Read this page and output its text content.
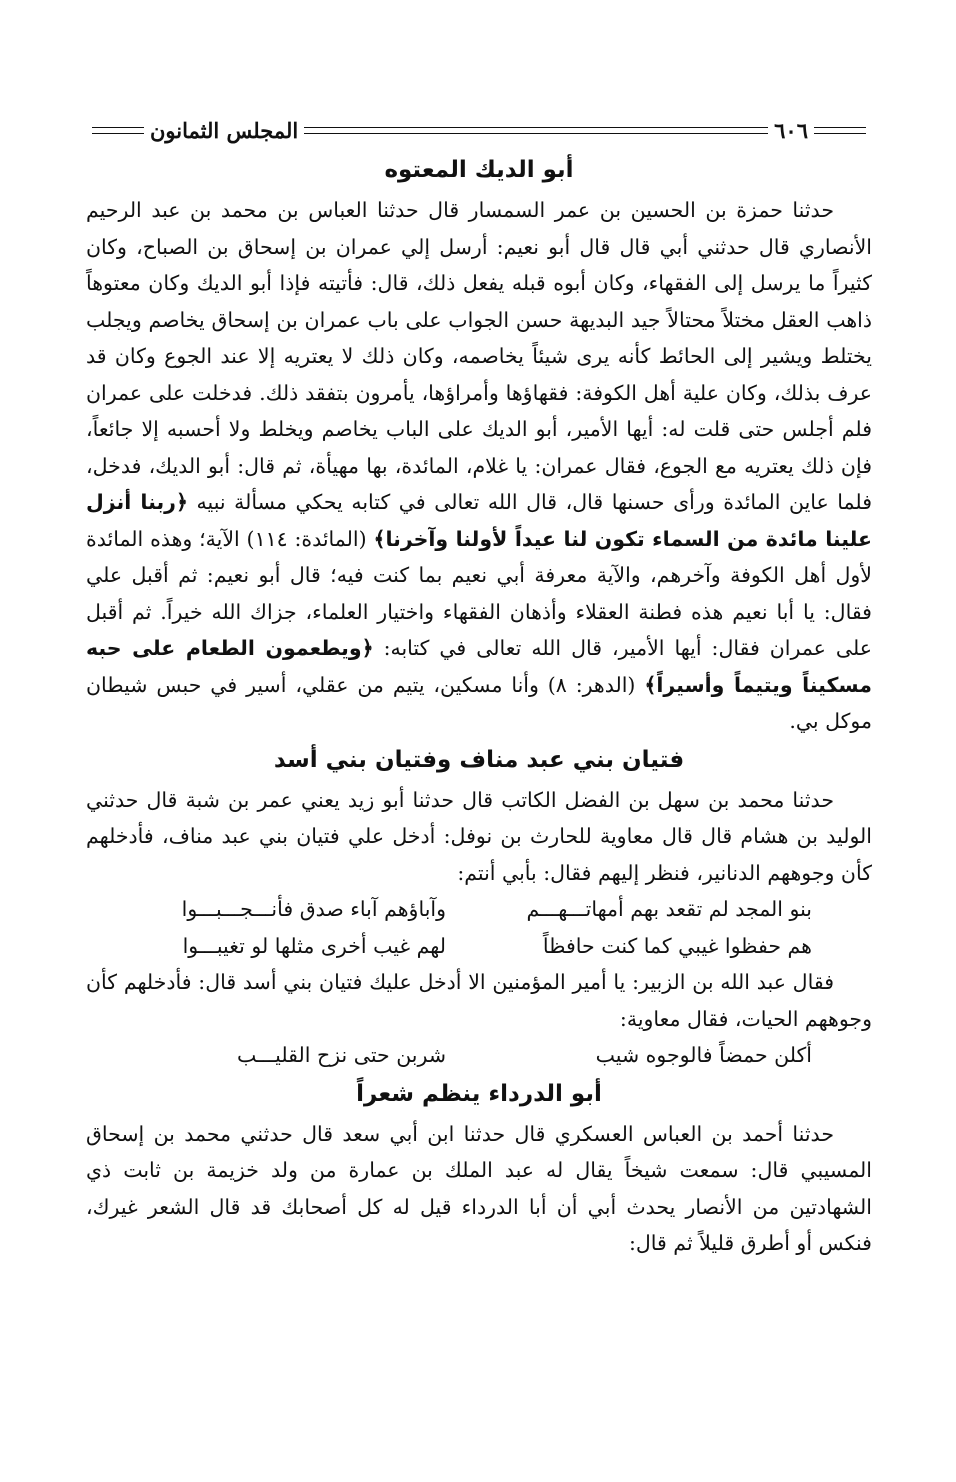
٦٠٦
المجلس الثمانون
أبو الديك المعتوه

حدثنا حمزة بن الحسين بن عمر السمسار قال حدثنا العباس بن محمد بن عبد الرحيم الأنصاري قال حدثني أبي قال قال أبو نعيم: أرسل إلي عمران بن إسحاق بن الصباح، وكان كثيراً ما يرسل إلى الفقهاء، وكان أبوه قبله يفعل ذلك، قال: فأتيته فإذا أبو الديك وكان معتوهاً ذاهب العقل مختلاً محتالاً جيد البديهة حسن الجواب على باب عمران بن إسحاق يخاصم ويجلب يختلط ويشير إلى الحائط كأنه يرى شيئاً يخاصمه، وكان ذلك لا يعتريه إلا عند الجوع وكان قد عرف بذلك، وكان علية أهل الكوفة: فقهاؤها وأمراؤها، يأمرون بتفقد ذلك. فدخلت على عمران فلم أجلس حتى قلت له: أيها الأمير، أبو الديك على الباب يخاصم ويخلط ولا أحسبه إلا جائعاً، فإن ذلك يعتريه مع الجوع، فقال عمران: يا غلام، المائدة، بها مهيأة، ثم قال: أبو الديك، فدخل، فلما عاين المائدة ورأى حسنها قال، قال الله تعالى في كتابه يحكي مسألة نبيه ﴿ربنا أنزل علينا مائدة من السماء تكون لنا عيداً لأولنا وآخرنا﴾ (المائدة: ١١٤) الآية؛ وهذه المائدة لأول أهل الكوفة وآخرهم، والآية معرفة أبي نعيم بما كنت فيه؛ قال أبو نعيم: ثم أقبل علي فقال: يا أبا نعيم هذه فطنة العقلاء وأذهان الفقهاء واختيار العلماء، جزاك الله خيراً. ثم أقبل على عمران فقال: أيها الأمير، قال الله تعالى في كتابه: ﴿ويطعمون الطعام على حبه مسكيناً ويتيماً وأسيراً﴾ (الدهر: ٨) وأنا مسكين، يتيم من عقلي، أسير في حبس شيطان موكل بي.

فتيان بني عبد مناف وفتيان بني أسد

حدثنا محمد بن سهل بن الفضل الكاتب قال حدثنا أبو زيد يعني عمر بن شبة قال حدثني الوليد بن هشام قال قال معاوية للحارث بن نوفل: أدخل علي فتيان بني عبد مناف، فأدخلهم كأن وجوههم الدنانير، فنظر إليهم فقال: بأبي أنتم:

بنو المجد لم تقعد بهم أمهاتـــهـــم
وآباؤهم آباء صدق فأنـــجـــبـــوا
هم حفظوا غيبي كما كنت حافظاً
لهم غيب أخرى مثلها لو تغيبـــوا

فقال عبد الله بن الزبير: يا أمير المؤمنين الا أدخل عليك فتيان بني أسد قال: فأدخلهم كأن وجوههم الحيات، فقال معاوية:

أكلن حمضاً فالوجوه شيب
شربن حتى نزح القليـــب
أبو الدرداء ينظم شعراً

حدثنا أحمد بن العباس العسكري قال حدثنا ابن أبي سعد قال حدثني محمد بن إسحاق المسيبي قال: سمعت شيخاً يقال له عبد الملك بن عمارة من ولد خزيمة بن ثابت ذي الشهادتين من الأنصار يحدث أبي أن أبا الدرداء قيل له كل أصحابك قد قال الشعر غيرك، فنكس أو أطرق قليلاً ثم قال:
